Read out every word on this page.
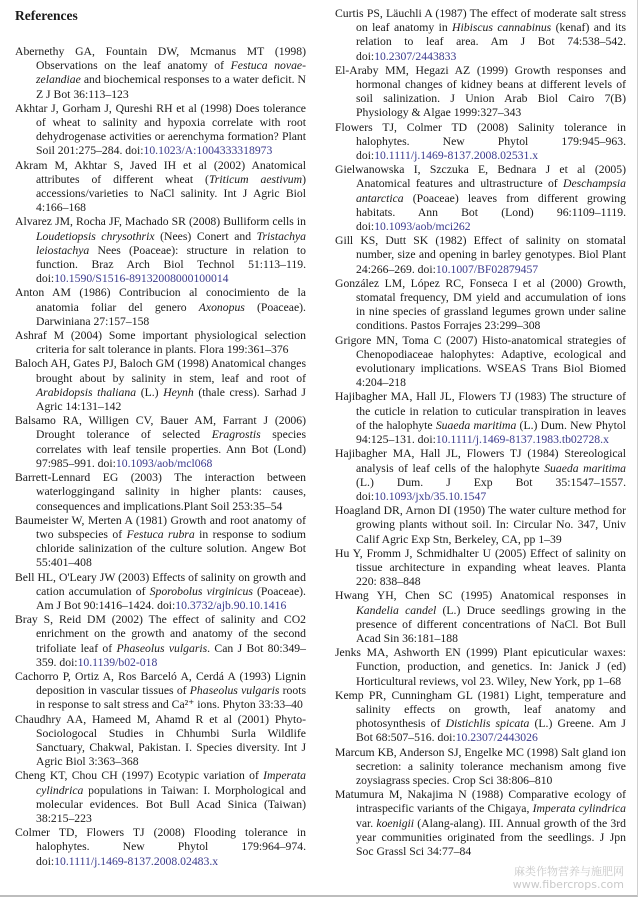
References

Abernethy GA, Fountain DW, Mcmanus MT (1998) Observations on the leaf anatomy of Festuca novae-zelandiae and biochemical responses to a water deficit. N Z J Bot 36:113–123

Akhtar J, Gorham J, Qureshi RH et al (1998) Does tolerance of wheat to salinity and hypoxia correlate with root dehydrogenase activities or aerenchyma formation? Plant Soil 201:275–284. doi:10.1023/A:1004333318973

Akram M, Akhtar S, Javed IH et al (2002) Anatomical attributes of different wheat (Triticum aestivum) accessions/varieties to NaCl salinity. Int J Agric Biol 4:166–168

Alvarez JM, Rocha JF, Machado SR (2008) Bulliform cells in Loudetiopsis chrysothrix (Nees) Conert and Tristachya leiostachya Nees (Poaceae): structure in relation to function. Braz Arch Biol Technol 51:113–119. doi:10.1590/S1516-89132008000100014

Anton AM (1986) Contribucion al conocimiento de la anatomia foliar del genero Axonopus (Poaceae). Darwiniana 27:157–158

Ashraf M (2004) Some important physiological selection criteria for salt tolerance in plants. Flora 199:361–376

Baloch AH, Gates PJ, Baloch GM (1998) Anatomical changes brought about by salinity in stem, leaf and root of Arabidopsis thaliana (L.) Heynh (thale cress). Sarhad J Agric 14:131–142

Balsamo RA, Willigen CV, Bauer AM, Farrant J (2006) Drought tolerance of selected Eragrostis species correlates with leaf tensile properties. Ann Bot (Lond) 97:985–991. doi:10.1093/aob/mcl068

Barrett-Lennard EG (2003) The interaction between waterloggingand salinity in higher plants: causes, consequences and implications.Plant Soil 253:35–54

Baumeister W, Merten A (1981) Growth and root anatomy of two subspecies of Festuca rubra in response to sodium chloride salinization of the culture solution. Angew Bot 55:401–408

Bell HL, O'Leary JW (2003) Effects of salinity on growth and cation accumulation of Sporobolus virginicus (Poaceae). Am J Bot 90:1416–1424. doi:10.3732/ajb.90.10.1416

Bray S, Reid DM (2002) The effect of salinity and CO2 enrichment on the growth and anatomy of the second trifoliate leaf of Phaseolus vulgaris. Can J Bot 80:349–359. doi:10.1139/b02-018

Cachorro P, Ortiz A, Ros Barceló A, Cerdá A (1993) Lignin deposition in vascular tissues of Phaseolus vulgaris roots in response to salt stress and Ca²⁺ ions. Phyton 33:33–40

Chaudhry AA, Hameed M, Ahamd R et al (2001) Phyto-Sociologocal Studies in Chhumbi Surla Wildlife Sanctuary, Chakwal, Pakistan. I. Species diversity. Int J Agric Biol 3:363–368

Cheng KT, Chou CH (1997) Ecotypic variation of Imperata cylindrica populations in Taiwan: I. Morphological and molecular evidences. Bot Bull Acad Sinica (Taiwan) 38:215–223

Colmer TD, Flowers TJ (2008) Flooding tolerance in halophytes. New Phytol 179:964–974. doi:10.1111/j.1469-8137.2008.02483.x

Curtis PS, Läuchli A (1987) The effect of moderate salt stress on leaf anatomy in Hibiscus cannabinus (kenaf) and its relation to leaf area. Am J Bot 74:538–542. doi:10.2307/2443833

El-Araby MM, Hegazi AZ (1999) Growth responses and hormonal changes of kidney beans at different levels of soil salinization. J Union Arab Biol Cairo 7(B) Physiology & Algae 1999:327–343

Flowers TJ, Colmer TD (2008) Salinity tolerance in halophytes. New Phytol 179:945–963. doi:10.1111/j.1469-8137.2008.02531.x

Gielwanowska I, Szczuka E, Bednara J et al (2005) Anatomical features and ultrastructure of Deschampsia antarctica (Poaceae) leaves from different growing habitats. Ann Bot (Lond) 96:1109–1119. doi:10.1093/aob/mci262

Gill KS, Dutt SK (1982) Effect of salinity on stomatal number, size and opening in barley genotypes. Biol Plant 24:266–269. doi:10.1007/BF02879457

González LM, López RC, Fonseca I et al (2000) Growth, stomatal frequency, DM yield and accumulation of ions in nine species of grassland legumes grown under saline conditions. Pastos Forrajes 23:299–308

Grigore MN, Toma C (2007) Histo-anatomical strategies of Chenopodiaceae halophytes: Adaptive, ecological and evolutionary implications. WSEAS Trans Biol Biomed 4:204–218

Hajibagher MA, Hall JL, Flowers TJ (1983) The structure of the cuticle in relation to cuticular transpiration in leaves of the halophyte Suaeda maritima (L.) Dum. New Phytol 94:125–131. doi:10.1111/j.1469-8137.1983.tb02728.x

Hajibagher MA, Hall JL, Flowers TJ (1984) Stereological analysis of leaf cells of the halophyte Suaeda maritima (L.) Dum. J Exp Bot 35:1547–1557. doi:10.1093/jxb/35.10.1547

Hoagland DR, Arnon DI (1950) The water culture method for growing plants without soil. In: Circular No. 347, Univ Calif Agric Exp Stn, Berkeley, CA, pp 1–39

Hu Y, Fromm J, Schmidhalter U (2005) Effect of salinity on tissue architecture in expanding wheat leaves. Planta 220: 838–848

Hwang YH, Chen SC (1995) Anatomical responses in Kandelia candel (L.) Druce seedlings growing in the presence of different concentrations of NaCl. Bot Bull Acad Sin 36:181–188

Jenks MA, Ashworth EN (1999) Plant epicuticular waxes: Function, production, and genetics. In: Janick J (ed) Horticultural reviews, vol 23. Wiley, New York, pp 1–68

Kemp PR, Cunningham GL (1981) Light, temperature and salinity effects on growth, leaf anatomy and photosynthesis of Distichlis spicata (L.) Greene. Am J Bot 68:507–516. doi:10.2307/2443026

Marcum KB, Anderson SJ, Engelke MC (1998) Salt gland ion secretion: a salinity tolerance mechanism among five zoysiagrass species. Crop Sci 38:806–810

Matumura M, Nakajima N (1988) Comparative ecology of intraspecific variants of the Chigaya, Imperata cylindrica var. koenigii (Alang-alang). III. Annual growth of the 3rd year communities originated from the seedlings. J Jpn Soc Grassl Sci 34:77–84

麻类作物营养与施肥网
www.fibercrops.com
